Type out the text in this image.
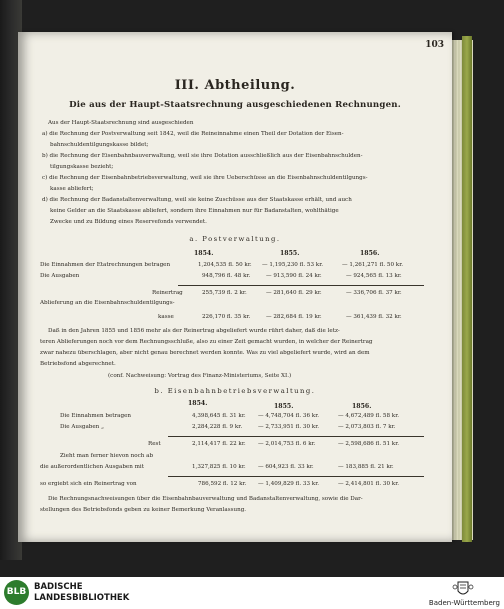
103
III. Abtheilung.
Die aus der Haupt-Staatsrechnung ausgeschiedenen Rechnungen.
Aus der Haupt-Staatsrechnung sind ausgeschieden
a) die Rechnung der Postverwaltung seit 1842, weil die Reineinnahme einen Theil der Dotation der Eisen-
bahnschuldentilgungskasse bildet;
b) die Rechnung der Eisenbahnbauverwaltung, weil sie ihre Dotation ausschließlich aus der Eisenbahnschulden-
tilgungskasse bezieht;
c) die Rechnung der Eisenbahnbetriebsverwaltung, weil sie ihre Ueberschüsse an die Eisenbahnschuldentilgungs-
kasse abliefert;
d) die Rechnung der Badanstaltenverwaltung, weil sie keine Zuschüsse aus der Staatskasse erhält, und auch
keine Gelder an die Staatskasse abliefert, sondern ihre Einnahmen nur für Badanstalten, wohlthätige
Zwecke und zu Bildung eines Reservefonds verwendet.
a. Postverwaltung.
1854.	1855.	1856.
Die Einnahmen der Etatrechnungen betragen	1,204,535 fl. 50 kr. — 1,195,230 fl. 53 kr.	— 1,261,271 fl. 50 kr.
Die Ausgaben	948,796 fl. 48 kr.	— 913,590 fl. 24 kr.	— 924,565 fl. 13 kr.
Reinertrag	255,739 fl. 2 kr.	— 281,640 fl. 29 kr.	— 336,706 fl. 37 kr.
Ablieferung an die Eisenbahnschuldentilgungs-
kasse	226,170 fl. 35 kr.	— 282,684 fl. 19 kr.	— 361,439 fl. 32 kr.
Daß in den Jahren 1855 und 1856 mehr als der Reinertrag abgeliefert wurde rührt daher, daß die letz-
teren Ablieferungen noch vor dem Rechnungsschluße, also zu einer Zeit gemacht wurden, in welcher der Reinertrag
zwar nahezu überschlagen, aber nicht genau berechnet werden konnte. Was zu viel abgeliefert wurde, wird an dem
Betriebsfond abgerechnet.
(conf. Nachweisung: Vortrag des Finanz-Ministeriums, Seite XI.)
b. Eisenbahnbetriebsverwaltung.
1854.	1855.	1856.
Die Einnahmen betragen	4,398,645 fl. 31 kr. — 4,748,704 fl. 36 kr.	— 4,672,489 fl. 58 kr.
Die Ausgaben „	2,284,228 fl. 9 kr.	— 2,733,951 fl. 30 kr.	— 2,073,803 fl. 7 kr.
Rest	2,114,417 fl. 22 kr. — 2,014,753 fl. 6 kr.	— 2,598,686 fl. 51 kr.
Zieht man ferner hievon noch ab
die außerordentlichen Ausgaben mit	1,327,825 fl. 10 kr. — 604,923 fl. 33 kr.	— 183,885 fl. 21 kr.
so ergiebt sich ein Reinertrag von	786,592 fl. 12 kr. — 1,409,829 fl. 33 kr.	— 2,414,801 fl. 30 kr.
Die Rechnungsnachweisungen über die Eisenbahnbauverwaltung und Badanstaltenverwaltung, sowie die Dar-
stellungen des Betriebsfonds geben zu keiner Bemerkung Veranlassung.
BLB BADISCHE
LANDESBIBLIOTHEK	Baden-Württemberg
